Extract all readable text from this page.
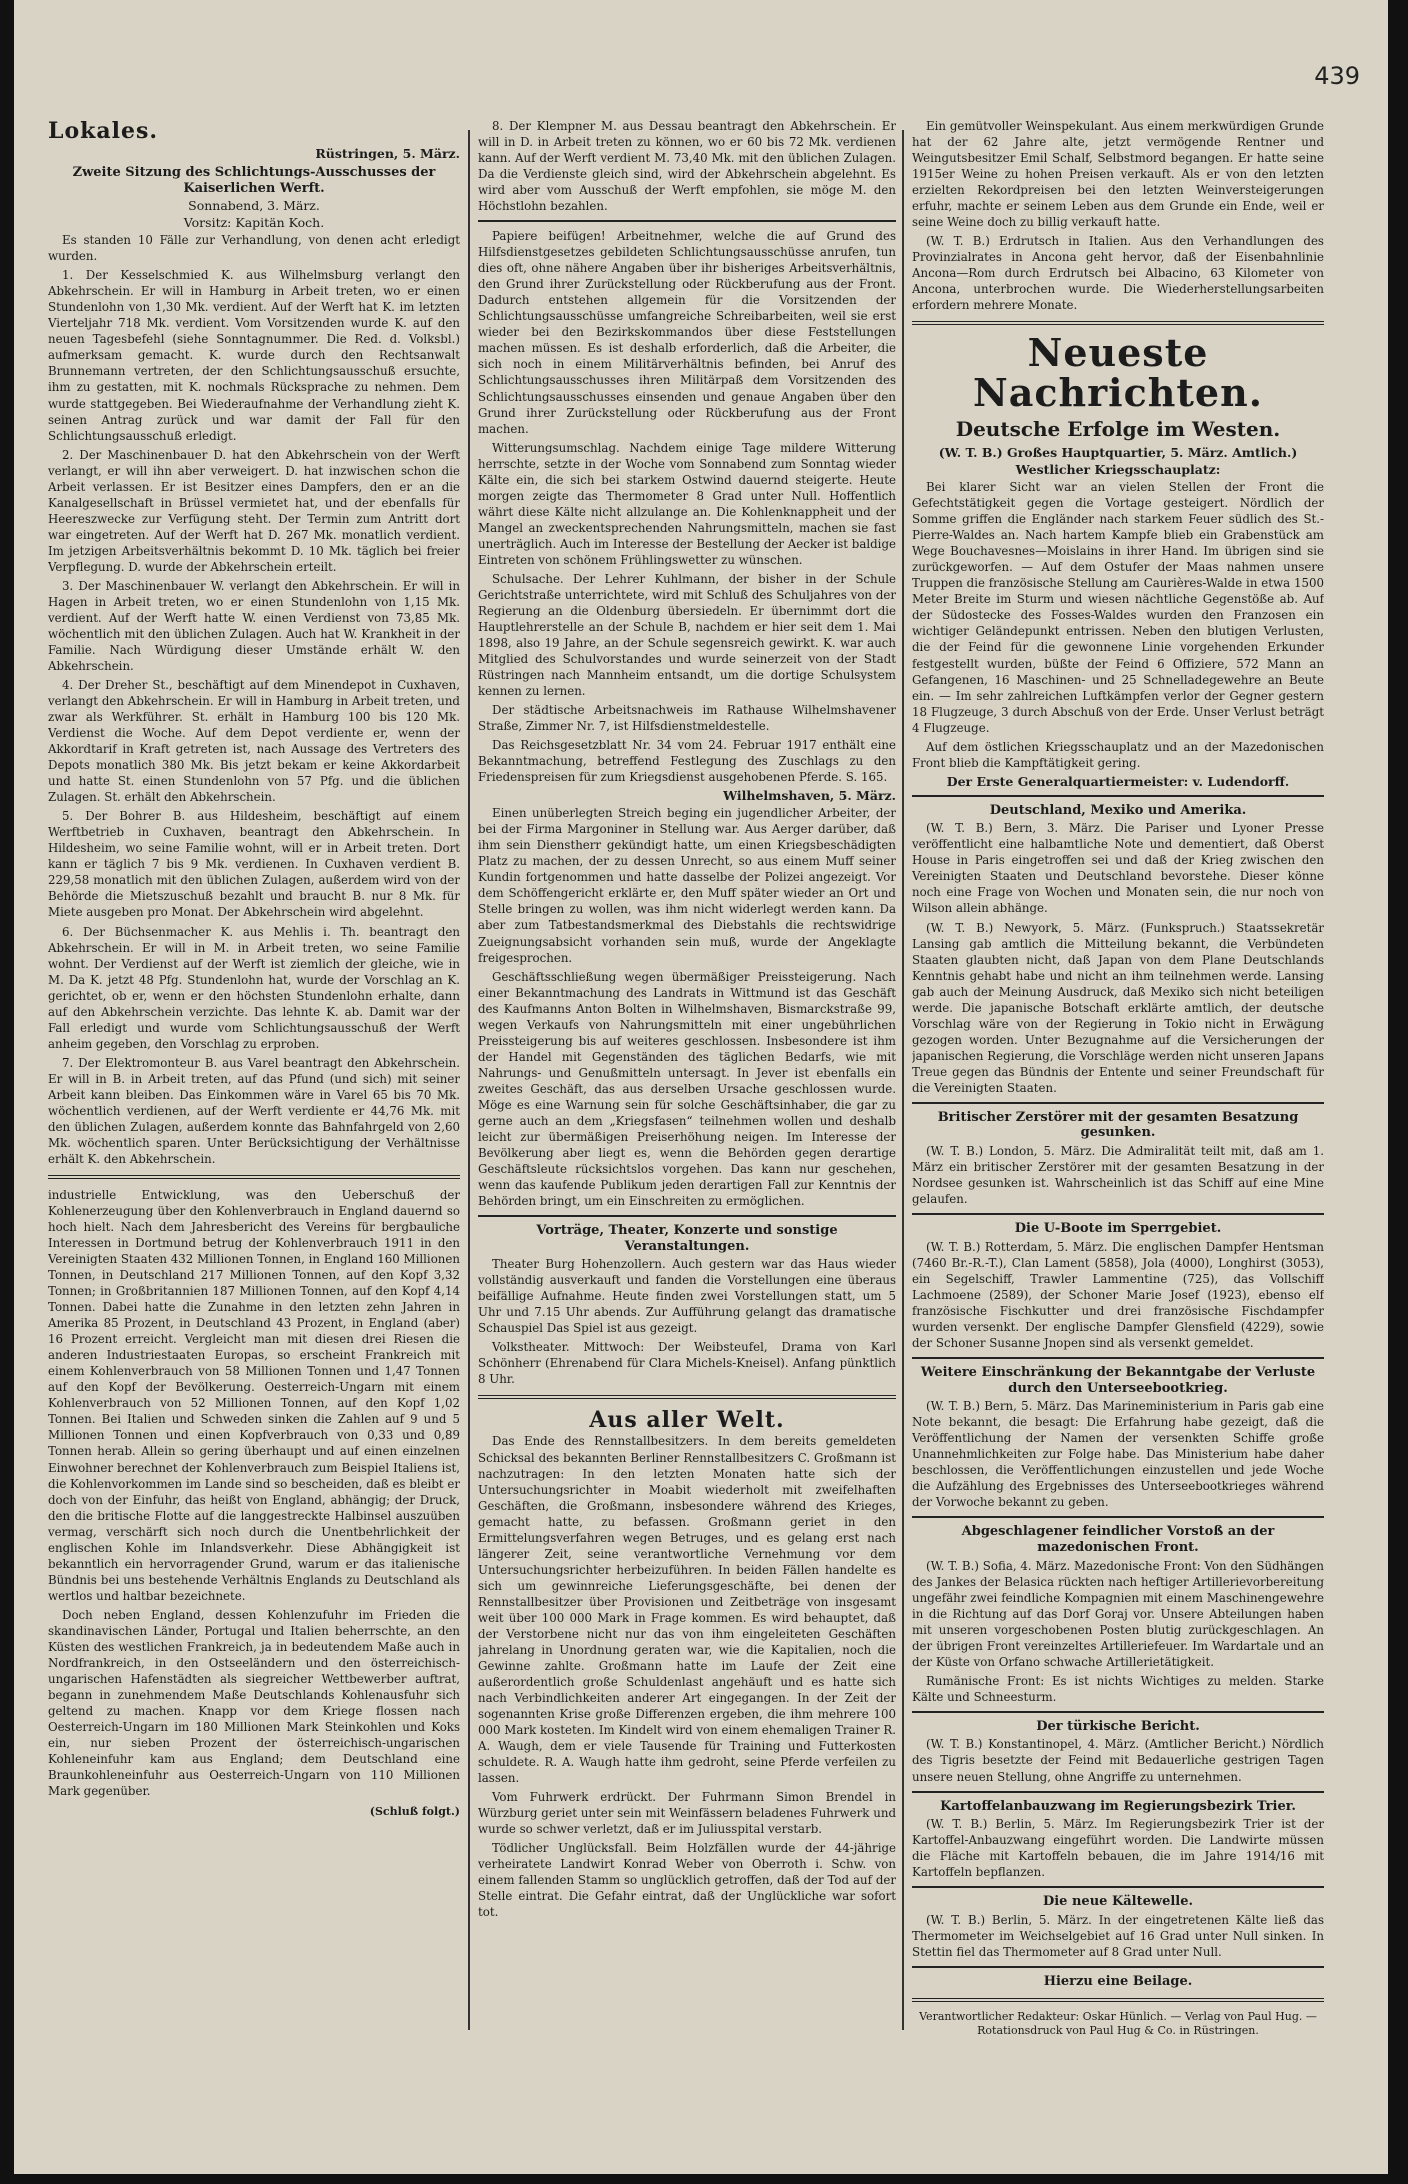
439
Lokales.
Rüstringen, 5. März.
Zweite Sitzung des Schlichtungs-Ausschusses der Kaiserlichen Werft.
Sonnabend, 3. März.
Vorsitz: Kapitän Koch.

Es standen 10 Fälle zur Verhandlung, von denen acht erledigt wurden.

1. Der Kesselschmied K. aus Wilhelmsburg verlangt den Abkehrschein. Er will in Hamburg in Arbeit treten, wo er einen Stundenlohn von 1,30 Mk. verdient. Auf der Werft hat K. im letzten Vierteljahr 718 Mk. verdient. Vom Vorsitzenden wurde K. auf den neuen Tagesbefehl (siehe Sonntagnummer. Die Red. d. Volksbl.) aufmerksam gemacht. K. wurde durch den Rechtsanwalt Brunnemann vertreten, der den Schlichtungsausschuß ersuchte, ihm zu gestatten, mit K. nochmals Rücksprache zu nehmen. Dem wurde stattgegeben. Bei Wiederaufnahme der Verhandlung zieht K. seinen Antrag zurück und war damit der Fall für den Schlichtungsausschuß erledigt.

2. Der Maschinenbauer D. hat den Abkehrschein von der Werft verlangt, er will ihn aber verweigert. D. hat inzwischen schon die Arbeit verlassen. Er ist Besitzer eines Dampfers, den er an die Kanalgesellschaft in Brüssel vermietet hat, und der ebenfalls für Heereszwecke zur Verfügung steht. Der Termin zum Antritt dort war eingetreten. Auf der Werft hat D. 267 Mk. monatlich verdient. Im jetzigen Arbeitsverhältnis bekommt D. 10 Mk. täglich bei freier Verpflegung. D. wurde der Abkehrschein erteilt.

3. Der Maschinenbauer W. verlangt den Abkehrschein. Er will in Hagen in Arbeit treten, wo er einen Stundenlohn von 1,15 Mk. verdient. Auf der Werft hatte W. einen Verdienst von 73,85 Mk. wöchentlich mit den üblichen Zulagen. Auch hat W. Krankheit in der Familie. Nach Würdigung dieser Umstände erhält W. den Abkehrschein.

4. Der Dreher St., beschäftigt auf dem Minendepot in Cuxhaven, verlangt den Abkehrschein. Er will in Hamburg in Arbeit treten, und zwar als Werkführer. St. erhält in Hamburg 100 bis 120 Mk. Verdienst die Woche. Auf dem Depot verdiente er, wenn der Akkordtarif in Kraft getreten ist, nach Aussage des Vertreters des Depots monatlich 380 Mk. Bis jetzt bekam er keine Akkordarbeit und hatte St. einen Stundenlohn von 57 Pfg. und die üblichen Zulagen. St. erhält den Abkehrschein.

5. Der Bohrer B. aus Hildesheim, beschäftigt auf einem Werftbetrieb in Cuxhaven, beantragt den Abkehrschein. In Hildesheim, wo seine Familie wohnt, will er in Arbeit treten. Dort kann er täglich 7 bis 9 Mk. verdienen. In Cuxhaven verdient B. 229,58 monatlich mit den üblichen Zulagen, außerdem wird von der Behörde die Mietszuschuß bezahlt und braucht B. nur 8 Mk. für Miete ausgeben pro Monat. Der Abkehrschein wird abgelehnt.

6. Der Büchsenmacher K. aus Mehlis i. Th. beantragt den Abkehrschein. Er will in M. in Arbeit treten, wo seine Familie wohnt. Der Verdienst auf der Werft ist ziemlich der gleiche, wie in M. Da K. jetzt 48 Pfg. Stundenlohn hat, wurde der Vorschlag an K. gerichtet, ob er, wenn er den höchsten Stundenlohn erhalte, dann auf den Abkehrschein verzichte. Das lehnte K. ab. Damit war der Fall erledigt und wurde vom Schlichtungsausschuß der Werft anheim gegeben, den Vorschlag zu erproben.

7. Der Elektromonteur B. aus Varel beantragt den Abkehrschein. Er will in B. in Arbeit treten, auf das Pfund (und sich) mit seiner Arbeit kann bleiben. Das Einkommen wäre in Varel 65 bis 70 Mk. wöchentlich verdienen, auf der Werft verdiente er 44,76 Mk. mit den üblichen Zulagen, außerdem konnte das Bahnfahrgeld von 2,60 Mk. wöchentlich sparen. Unter Berücksichtigung der Verhältnisse erhält K. den Abkehrschein.

industrielle Entwicklung, was den Ueberschuß der Kohlenerzeugung über den Kohlenverbrauch in England dauernd so hoch hielt. Nach dem Jahresbericht des Vereins für bergbauliche Interessen in Dortmund betrug der Kohlenverbrauch 1911 in den Vereinigten Staaten 432 Millionen Tonnen, in England 160 Millionen Tonnen, in Deutschland 217 Millionen Tonnen, auf den Kopf 3,32 Tonnen; in Großbritannien 187 Millionen Tonnen, auf den Kopf 4,14 Tonnen. Dabei hatte die Zunahme in den letzten zehn Jahren in Amerika 85 Prozent, in Deutschland 43 Prozent, in England (aber) 16 Prozent erreicht. Vergleicht man mit diesen drei Riesen die anderen Industriestaaten Europas, so erscheint Frankreich mit einem Kohlenverbrauch von 58 Millionen Tonnen und 1,47 Tonnen auf den Kopf der Bevölkerung. Oesterreich-Ungarn mit einem Kohlenverbrauch von 52 Millionen Tonnen, auf den Kopf 1,02 Tonnen. Bei Italien und Schweden sinken die Zahlen auf 9 und 5 Millionen Tonnen und einen Kopfverbrauch von 0,33 und 0,89 Tonnen herab. Allein so gering überhaupt und auf einen einzelnen Einwohner berechnet der Kohlenverbrauch zum Beispiel Italiens ist, die Kohlenvorkommen im Lande sind so bescheiden, daß es bleibt er doch von der Einfuhr, das heißt von England, abhängig; der Druck, den die britische Flotte auf die langgestreckte Halbinsel auszuüben vermag, verschärft sich noch durch die Unentbehrlichkeit der englischen Kohle im Inlandsverkehr. Diese Abhängigkeit ist bekanntlich ein hervorragender Grund, warum er das italienische Bündnis bei uns bestehende Verhältnis Englands zu Deutschland als wertlos und haltbar bezeichnete.

Doch neben England, dessen Kohlenzufuhr im Frieden die skandinavischen Länder, Portugal und Italien beherrschte, an den Küsten des westlichen Frankreich, ja in bedeutendem Maße auch in Nordfrankreich, in den Ostseeländern und den österreichisch-ungarischen Hafenstädten als siegreicher Wettbewerber auftrat, begann in zunehmendem Maße Deutschlands Kohlenausfuhr sich geltend zu machen. Knapp vor dem Kriege flossen nach Oesterreich-Ungarn im 180 Millionen Mark Steinkohlen und Koks ein, nur sieben Prozent der österreichisch-ungarischen Kohleneinfuhr kam aus England; dem Deutschland eine Braunkohleneinfuhr aus Oesterreich-Ungarn von 110 Millionen Mark gegenüber.

(Schluß folgt.)

8. Der Klempner M. aus Dessau beantragt den Abkehrschein. Er will in D. in Arbeit treten zu können, wo er 60 bis 72 Mk. verdienen kann. Auf der Werft verdient M. 73,40 Mk. mit den üblichen Zulagen. Da die Verdienste gleich sind, wird der Abkehrschein abgelehnt. Es wird aber vom Ausschuß der Werft empfohlen, sie möge M. den Höchstlohn bezahlen.

Papiere beifügen! Arbeitnehmer, welche die auf Grund des Hilfsdienstgesetzes gebildeten Schlichtungsausschüsse anrufen, tun dies oft, ohne nähere Angaben über ihr bisheriges Arbeitsverhältnis, den Grund ihrer Zurückstellung oder Rückberufung aus der Front. Dadurch entstehen allgemein für die Vorsitzenden der Schlichtungsausschüsse umfangreiche Schreibarbeiten, weil sie erst wieder bei den Bezirkskommandos über diese Feststellungen machen müssen. Es ist deshalb erforderlich, daß die Arbeiter, die sich noch in einem Militärverhältnis befinden, bei Anruf des Schlichtungsausschusses ihren Militärpaß dem Vorsitzenden des Schlichtungsausschusses einsenden und genaue Angaben über den Grund ihrer Zurückstellung oder Rückberufung aus der Front machen.

Witterungsumschlag. Nachdem einige Tage mildere Witterung herrschte, setzte in der Woche vom Sonnabend zum Sonntag wieder Kälte ein, die sich bei starkem Ostwind dauernd steigerte. Heute morgen zeigte das Thermometer 8 Grad unter Null. Hoffentlich währt diese Kälte nicht allzulange an. Die Kohlenknappheit und der Mangel an zweckentsprechenden Nahrungsmitteln, machen sie fast unerträglich. Auch im Interesse der Bestellung der Aecker ist baldige Eintreten von schönem Frühlingswetter zu wünschen.

Schulsache. Der Lehrer Kuhlmann, der bisher in der Schule Gerichtstraße unterrichtete, wird mit Schluß des Schuljahres von der Regierung an die Oldenburg übersiedeln. Er übernimmt dort die Hauptlehrerstelle an der Schule B, nachdem er hier seit dem 1. Mai 1898, also 19 Jahre, an der Schule segensreich gewirkt. K. war auch Mitglied des Schulvorstandes und wurde seinerzeit von der Stadt Rüstringen nach Mannheim entsandt, um die dortige Schulsystem kennen zu lernen.

Der städtische Arbeitsnachweis im Rathause Wilhelmshavener Straße, Zimmer Nr. 7, ist Hilfsdienstmeldestelle.

Das Reichsgesetzblatt Nr. 34 vom 24. Februar 1917 enthält eine Bekanntmachung, betreffend Festlegung des Zuschlags zu den Friedenspreisen für zum Kriegsdienst ausgehobenen Pferde. S. 165.

Wilhelmshaven, 5. März.

Einen unüberlegten Streich beging ein jugendlicher Arbeiter, der bei der Firma Margoniner in Stellung war. Aus Aerger darüber, daß ihm sein Dienstherr gekündigt hatte, um einen Kriegsbeschädigten Platz zu machen, der zu dessen Unrecht, so aus einem Muff seiner Kundin fortgenommen und hatte dasselbe der Polizei angezeigt. Vor dem Schöffengericht erklärte er, den Muff später wieder an Ort und Stelle bringen zu wollen, was ihm nicht widerlegt werden kann. Da aber zum Tatbestandsmerkmal des Diebstahls die rechtswidrige Zueignungsabsicht vorhanden sein muß, wurde der Angeklagte freigesprochen.

Geschäftsschließung wegen übermäßiger Preissteigerung. Nach einer Bekanntmachung des Landrats in Wittmund ist das Geschäft des Kaufmanns Anton Bolten in Wilhelmshaven, Bismarckstraße 99, wegen Verkaufs von Nahrungsmitteln mit einer ungebührlichen Preissteigerung bis auf weiteres geschlossen. Insbesondere ist ihm der Handel mit Gegenständen des täglichen Bedarfs, wie mit Nahrungs- und Genußmitteln untersagt. In Jever ist ebenfalls ein zweites Geschäft, das aus derselben Ursache geschlossen wurde. Möge es eine Warnung sein für solche Geschäftsinhaber, die gar zu gerne auch an dem „Kriegsfasen“ teilnehmen wollen und deshalb leicht zur übermäßigen Preiserhöhung neigen. Im Interesse der Bevölkerung aber liegt es, wenn die Behörden gegen derartige Geschäftsleute rücksichtslos vorgehen. Das kann nur geschehen, wenn das kaufende Publikum jeden derartigen Fall zur Kenntnis der Behörden bringt, um ein Einschreiten zu ermöglichen.

Vorträge, Theater, Konzerte und sonstige Veranstaltungen.

Theater Burg Hohenzollern. Auch gestern war das Haus wieder vollständig ausverkauft und fanden die Vorstellungen eine überaus beifällige Aufnahme. Heute finden zwei Vorstellungen statt, um 5 Uhr und 7.15 Uhr abends. Zur Aufführung gelangt das dramatische Schauspiel Das Spiel ist aus gezeigt.

Volkstheater. Mittwoch: Der Weibsteufel, Drama von Karl Schönherr (Ehrenabend für Clara Michels-Kneisel). Anfang pünktlich 8 Uhr.

Aus aller Welt.

Das Ende des Rennstallbesitzers. In dem bereits gemeldeten Schicksal des bekannten Berliner Rennstallbesitzers C. Großmann ist nachzutragen: In den letzten Monaten hatte sich der Untersuchungsrichter in Moabit wiederholt mit zweifelhaften Geschäften, die Großmann, insbesondere während des Krieges, gemacht hatte, zu befassen. Großmann geriet in den Ermittelungsverfahren wegen Betruges, und es gelang erst nach längerer Zeit, seine verantwortliche Vernehmung vor dem Untersuchungsrichter herbeizuführen. In beiden Fällen handelte es sich um gewinnreiche Lieferungsgeschäfte, bei denen der Rennstallbesitzer über Provisionen und Zeitbeträge von insgesamt weit über 100 000 Mark in Frage kommen. Es wird behauptet, daß der Verstorbene nicht nur das von ihm eingeleiteten Geschäften jahrelang in Unordnung geraten war, wie die Kapitalien, noch die Gewinne zahlte. Großmann hatte im Laufe der Zeit eine außerordentlich große Schuldenlast angehäuft und es hatte sich nach Verbindlichkeiten anderer Art eingegangen. In der Zeit der sogenannten Krise große Differenzen ergeben, die ihm mehrere 100 000 Mark kosteten. Im Kindelt wird von einem ehemaligen Trainer R. A. Waugh, dem er viele Tausende für Training und Futterkosten schuldete. R. A. Waugh hatte ihm gedroht, seine Pferde verfeilen zu lassen.

Vom Fuhrwerk erdrückt. Der Fuhrmann Simon Brendel in Würzburg geriet unter sein mit Weinfässern beladenes Fuhrwerk und wurde so schwer verletzt, daß er im Juliusspital verstarb.

Tödlicher Unglücksfall. Beim Holzfällen wurde der 44-jährige verheiratete Landwirt Konrad Weber von Oberroth i. Schw. von einem fallenden Stamm so unglücklich getroffen, daß der Tod auf der Stelle eintrat. Die Gefahr eintrat, daß der Unglückliche war sofort tot.

Ein gemütvoller Weinspekulant. Aus einem merkwürdigen Grunde hat der 62 Jahre alte, jetzt vermögende Rentner und Weingutsbesitzer Emil Schalf, Selbstmord begangen. Er hatte seine 1915er Weine zu hohen Preisen verkauft. Als er von den letzten erzielten Rekordpreisen bei den letzten Weinversteigerungen erfuhr, machte er seinem Leben aus dem Grunde ein Ende, weil er seine Weine doch zu billig verkauft hatte.

(W. T. B.) Erdrutsch in Italien. Aus den Verhandlungen des Provinzialrates in Ancona geht hervor, daß der Eisenbahnlinie Ancona—Rom durch Erdrutsch bei Albacino, 63 Kilometer von Ancona, unterbrochen wurde. Die Wiederherstellungsarbeiten erfordern mehrere Monate.

Neueste Nachrichten.
Deutsche Erfolge im Westen.
(W. T. B.) Großes Hauptquartier, 5. März. Amtlich.)
Westlicher Kriegsschauplatz:

Bei klarer Sicht war an vielen Stellen der Front die Gefechtstätigkeit gegen die Vortage gesteigert. Nördlich der Somme griffen die Engländer nach starkem Feuer südlich des St.-Pierre-Waldes an. Nach hartem Kampfe blieb ein Grabenstück am Wege Bouchavesnes—Moislains in ihrer Hand. Im übrigen sind sie zurückgeworfen. — Auf dem Ostufer der Maas nahmen unsere Truppen die französische Stellung am Caurières-Walde in etwa 1500 Meter Breite im Sturm und wiesen nächtliche Gegenstöße ab. Auf der Südostecke des Fosses-Waldes wurden den Franzosen ein wichtiger Geländepunkt entrissen. Neben den blutigen Verlusten, die der Feind für die gewonnene Linie vorgehenden Erkunder festgestellt wurden, büßte der Feind 6 Offiziere, 572 Mann an Gefangenen, 16 Maschinen- und 25 Schnelladegewehre an Beute ein. — Im sehr zahlreichen Luftkämpfen verlor der Gegner gestern 18 Flugzeuge, 3 durch Abschuß von der Erde. Unser Verlust beträgt 4 Flugzeuge.

Auf dem östlichen Kriegsschauplatz und an der Mazedonischen Front blieb die Kampftätigkeit gering.

Der Erste Generalquartiermeister: v. Ludendorff.
Deutschland, Mexiko und Amerika.

(W. T. B.) Bern, 3. März. Die Pariser und Lyoner Presse veröffentlicht eine halbamtliche Note und dementiert, daß Oberst House in Paris eingetroffen sei und daß der Krieg zwischen den Vereinigten Staaten und Deutschland bevorstehe. Dieser könne noch eine Frage von Wochen und Monaten sein, die nur noch von Wilson allein abhänge.

(W. T. B.) Newyork, 5. März. (Funkspruch.) Staatssekretär Lansing gab amtlich die Mitteilung bekannt, die Verbündeten Staaten glaubten nicht, daß Japan von dem Plane Deutschlands Kenntnis gehabt habe und nicht an ihm teilnehmen werde. Lansing gab auch der Meinung Ausdruck, daß Mexiko sich nicht beteiligen werde. Die japanische Botschaft erklärte amtlich, der deutsche Vorschlag wäre von der Regierung in Tokio nicht in Erwägung gezogen worden. Unter Bezugnahme auf die Versicherungen der japanischen Regierung, die Vorschläge werden nicht unseren Japans Treue gegen das Bündnis der Entente und seiner Freundschaft für die Vereinigten Staaten.

Britischer Zerstörer mit der gesamten Besatzung gesunken.

(W. T. B.) London, 5. März. Die Admiralität teilt mit, daß am 1. März ein britischer Zerstörer mit der gesamten Besatzung in der Nordsee gesunken ist. Wahrscheinlich ist das Schiff auf eine Mine gelaufen.

Die U-Boote im Sperrgebiet.

(W. T. B.) Rotterdam, 5. März. Die englischen Dampfer Hentsman (7460 Br.-R.-T.), Clan Lament (5858), Jola (4000), Longhirst (3053), ein Segelschiff, Trawler Lammentine (725), das Vollschiff Lachmoene (2589), der Schoner Marie Josef (1923), ebenso elf französische Fischkutter und drei französische Fischdampfer wurden versenkt. Der englische Dampfer Glensfield (4229), sowie der Schoner Susanne Jnopen sind als versenkt gemeldet.

Weitere Einschränkung der Bekanntgabe der Verluste durch den Unterseebootkrieg.

(W. T. B.) Bern, 5. März. Das Marineministerium in Paris gab eine Note bekannt, die besagt: Die Erfahrung habe gezeigt, daß die Veröffentlichung der Namen der versenkten Schiffe große Unannehmlichkeiten zur Folge habe. Das Ministerium habe daher beschlossen, die Veröffentlichungen einzustellen und jede Woche die Aufzählung des Ergebnisses des Unterseebootkrieges während der Vorwoche bekannt zu geben.

Abgeschlagener feindlicher Vorstoß an der mazedonischen Front.

(W. T. B.) Sofia, 4. März. Mazedonische Front: Von den Südhängen des Jankes der Belasica rückten nach heftiger Artillerievorbereitung ungefähr zwei feindliche Kompagnien mit einem Maschinengewehre in die Richtung auf das Dorf Goraj vor. Unsere Abteilungen haben mit unseren vorgeschobenen Posten blutig zurückgeschlagen. An der übrigen Front vereinzeltes Artilleriefeuer. Im Wardartale und an der Küste von Orfano schwache Artillerietätigkeit.

Rumänische Front: Es ist nichts Wichtiges zu melden. Starke Kälte und Schneesturm.

Der türkische Bericht.

(W. T. B.) Konstantinopel, 4. März. (Amtlicher Bericht.) Nördlich des Tigris besetzte der Feind mit Bedauerliche gestrigen Tagen unsere neuen Stellung, ohne Angriffe zu unternehmen.

Kartoffelanbauzwang im Regierungsbezirk Trier.

(W. T. B.) Berlin, 5. März. Im Regierungsbezirk Trier ist der Kartoffel-Anbauzwang eingeführt worden. Die Landwirte müssen die Fläche mit Kartoffeln bebauen, die im Jahre 1914/16 mit Kartoffeln bepflanzen.

Die neue Kältewelle.

(W. T. B.) Berlin, 5. März. In der eingetretenen Kälte ließ das Thermometer im Weichselgebiet auf 16 Grad unter Null sinken. In Stettin fiel das Thermometer auf 8 Grad unter Null.

Hierzu eine Beilage.
Verantwortlicher Redakteur: Oskar Hünlich. — Verlag von Paul Hug. — Rotationsdruck von Paul Hug & Co. in Rüstringen.
